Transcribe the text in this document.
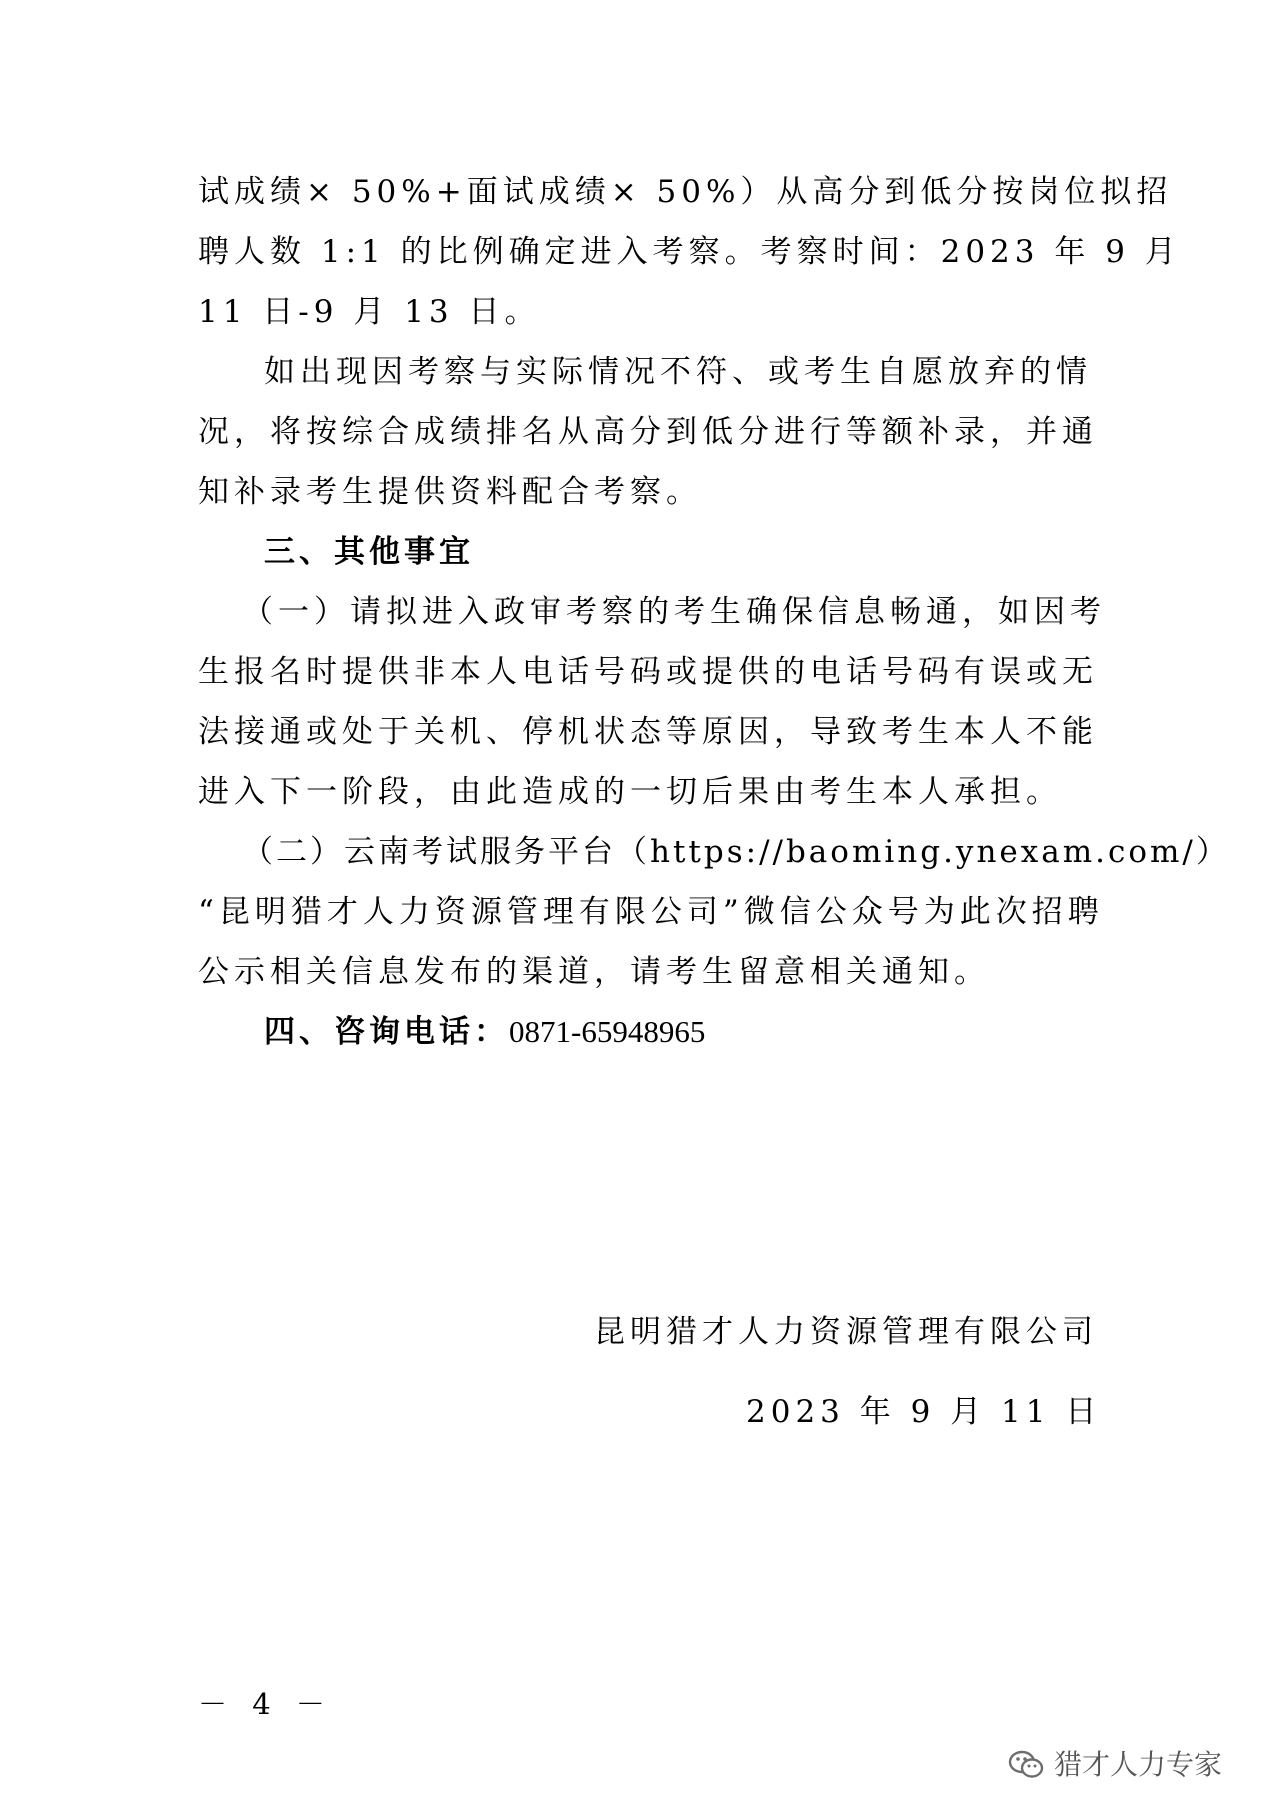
试成绩× 50%+面试成绩× 50%）从高分到低分按岗位拟招
聘人数 1:1 的比例确定进入考察。考察时间：2023 年 9 月
11 日-9 月 13 日。
如出现因考察与实际情况不符、或考生自愿放弃的情
况，将按综合成绩排名从高分到低分进行等额补录，并通
知补录考生提供资料配合考察。
三、其他事宜
（一）请拟进入政审考察的考生确保信息畅通，如因考
生报名时提供非本人电话号码或提供的电话号码有误或无
法接通或处于关机、停机状态等原因，导致考生本人不能
进入下一阶段，由此造成的一切后果由考生本人承担。
（二）云南考试服务平台（https://baoming.ynexam.com/）
“昆明猎才人力资源管理有限公司”微信公众号为此次招聘
公示相关信息发布的渠道，请考生留意相关通知。
四、咨询电话：0871-65948965
昆明猎才人力资源管理有限公司
2023 年 9 月 11 日
－ 4 －
猎才人力专家
